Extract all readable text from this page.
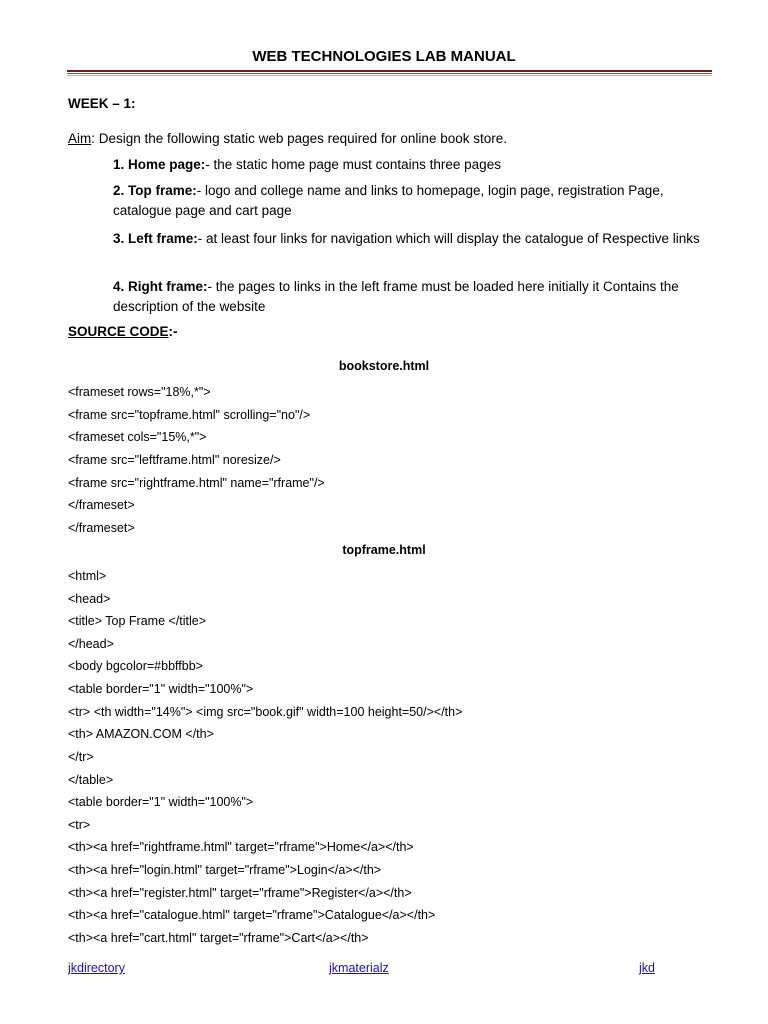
WEB TECHNOLOGIES LAB MANUAL
WEEK – 1:
Aim: Design the following static web pages required for online book store.
1. Home page:- the static home page must contains three pages
2. Top frame:- logo and college name and links to homepage, login page, registration Page, catalogue page and cart page
3. Left frame:- at least four links for navigation which will display the catalogue of Respective links
4. Right frame:- the pages to links in the left frame must be loaded here initially it Contains the description of the website
SOURCE CODE:-
bookstore.html
<frameset rows="18%,*">
<frame src="topframe.html" scrolling="no"/>
<frameset cols="15%,*">
<frame src="leftframe.html" noresize/>
<frame src="rightframe.html" name="rframe"/>
</frameset>
</frameset>
topframe.html
<html>
<head>
<title> Top Frame </title>
</head>
<body bgcolor=#bbffbb>
<table border="1" width="100%">
<tr> <th width="14%"> <img src="book.gif" width=100 height=50/></th>
<th> AMAZON.COM </th>
</tr>
</table>
<table border="1" width="100%">
<tr>
<th><a href="rightframe.html" target="rframe">Home</a></th>
<th><a href="login.html" target="rframe">Login</a></th>
<th><a href="register.html" target="rframe">Register</a></th>
<th><a href="catalogue.html" target="rframe">Catalogue</a></th>
<th><a href="cart.html" target="rframe">Cart</a></th>
jkdirectory	jkmaterialz	jkd
